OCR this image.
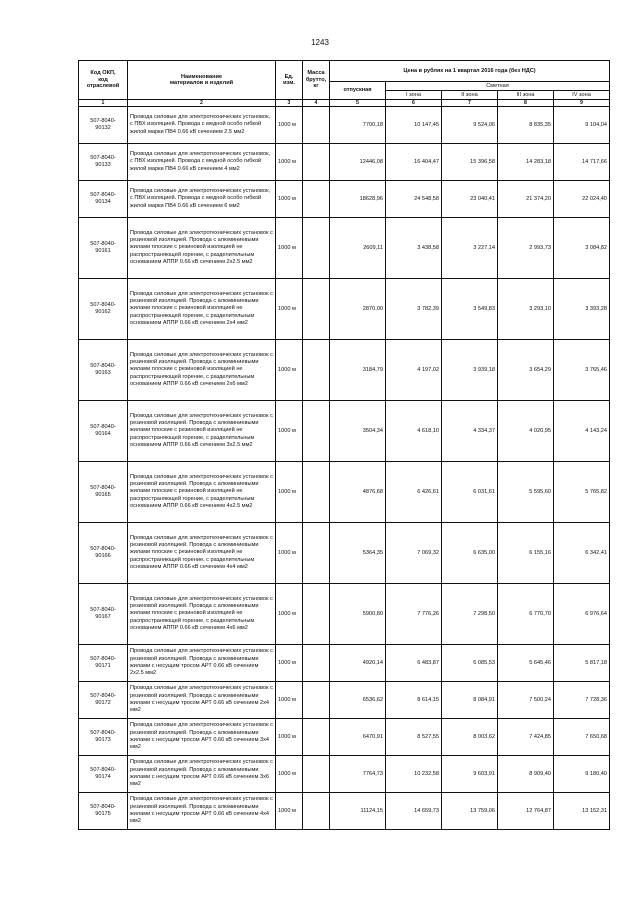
1243
Код ОКП,
код
отраслевой	Наименование
материалов и изделий	Ед.
изм.	Масса
брутто,
кг	Цена в рублях на 1 квартал 2016 года (без НДС)				
				отпускная	Сметная			
					I зона	II зона	III зона	IV зона
1	2	3	4	5	6	7	8	9
507-8040-
90132	Провода силовые для электротехнических установок, с ПВХ изоляцией. Провода с медной особо гибкой жилой марки ПВ4 0.66 кВ сечением 2.5 мм2	1000 м		7700,18	10 147,45	9 524,06	8 835,35	9 104,04
507-8040-
90133	Провода силовые для электротехнических установок, с ПВХ изоляцией. Провода с медной особо гибкой жилой марки ПВ4 0.66 кВ сечением 4 мм2	1000 м		12446,08	16 404,47	15 396,58	14 283,18	14 717,66
507-8040-
90134	Провода силовые для электротехнических установок, с ПВХ изоляцией. Провода с медной особо гибкой жилой марки ПВ4 0.66 кВ сечением 6 мм2	1000 м		18628,96	24 548,58	23 040,41	21 374,20	22 024,40
507-8040-
90161	Провода силовые для электротехнических установок с резиновой изоляцией. Провода с алюминиевыми жилами плоские с резиновой изоляцией не распространяющей горение, с разделительным основанием АППР 0.66 кВ сечением 2х2.5 мм2	1000 м		2609,11	3 438,58	3 227,14	2 993,73	3 084,82
507-8040-
90162	Провода силовые для электротехнических установок с резиновой изоляцией. Провода с алюминиевыми жилами плоские с резиновой изоляцией не распространяющей горение, с разделительным основанием АППР 0.66 кВ сечением 2х4 мм2	1000 м		2870,00	3 782,39	3 549,83	3 293,10	3 393,28
507-8040-
90163	Провода силовые для электротехнических установок с резиновой изоляцией. Провода с алюминиевыми жилами плоские с резиновой изоляцией не распространяющей горение, с разделительным основанием АППР 0.66 кВ сечением 2х6 мм2	1000 м		3184,79	4 197,02	3 939,18	3 654,29	3 765,46
507-8040-
90164	Провода силовые для электротехнических установок с резиновой изоляцией. Провода с алюминиевыми жилами плоские с резиновой изоляцией не распространяющей горение, с разделительным основанием АППР 0.66 кВ сечением 3х2.5 мм2	1000 м		3504,34	4 618,10	4 334,37	4 020,95	4 143,24
507-8040-
90165	Провода силовые для электротехнических установок с резиновой изоляцией. Провода с алюминиевыми жилами плоские с резиновой изоляцией не распространяющей горение, с разделительным основанием АППР 0.66 кВ сечением 4х2.5 мм2	1000 м		4876,68	6 426,61	6 031,61	5 595,60	5 765,82
507-8040-
90166	Провода силовые для электротехнических установок с резиновой изоляцией. Провода с алюминиевыми жилами плоские с резиновой изоляцией не распространяющей горение, с разделительным основанием АППР 0.66 кВ сечением 4х4 мм2	1000 м		5364,35	7 069,32	6 635,00	6 155,16	6 342,41
507-8040-
90167	Провода силовые для электротехнических установок с резиновой изоляцией. Провода с алюминиевыми жилами плоские с резиновой изоляцией не распространяющей горение, с разделительным основанием АППР 0.66 кВ сечением 4х6 мм2	1000 м		5900,80	7 776,26	7 298,50	6 770,70	6 976,64
507-8040-
90171	Провода силовые для электротехнических установок с резиновой изоляцией. Провода с алюминиевыми жилами с несущим тросом АРТ 0.66 кВ сечением 2х2.5 мм2	1000 м		4920,14	6 483,87	6 085,53	5 645,46	5 817,18
507-8040-
90172	Провода силовые для электротехнических установок с резиновой изоляцией. Провода с алюминиевыми жилами с несущим тросом АРТ 0.66 кВ сечением 2х4 мм2	1000 м		6536,62	8 614,15	8 084,91	7 500,24	7 728,36
507-8040-
90173	Провода силовые для электротехнических установок с резиновой изоляцией. Провода с алюминиевыми жилами с несущим тросом АРТ 0.66 кВ сечением 3х4 мм2	1000 м		6470,91	8 527,55	8 003,62	7 424,85	7 650,68
507-8040-
90174	Провода силовые для электротехнических установок с резиновой изоляцией. Провода с алюминиевыми жилами с несущим тросом АРТ 0.66 кВ сечением 3х6 мм2	1000 м		7764,73	10 232,58	9 603,91	8 909,40	9 180,40
507-8040-
90175	Провода силовые для электротехнических установок с резиновой изоляцией. Провода с алюминиевыми жилами с несущим тросом АРТ 0.66 кВ сечением 4х4 мм2	1000 м		11124,15	14 659,73	13 759,06	12 764,87	13 152,31
